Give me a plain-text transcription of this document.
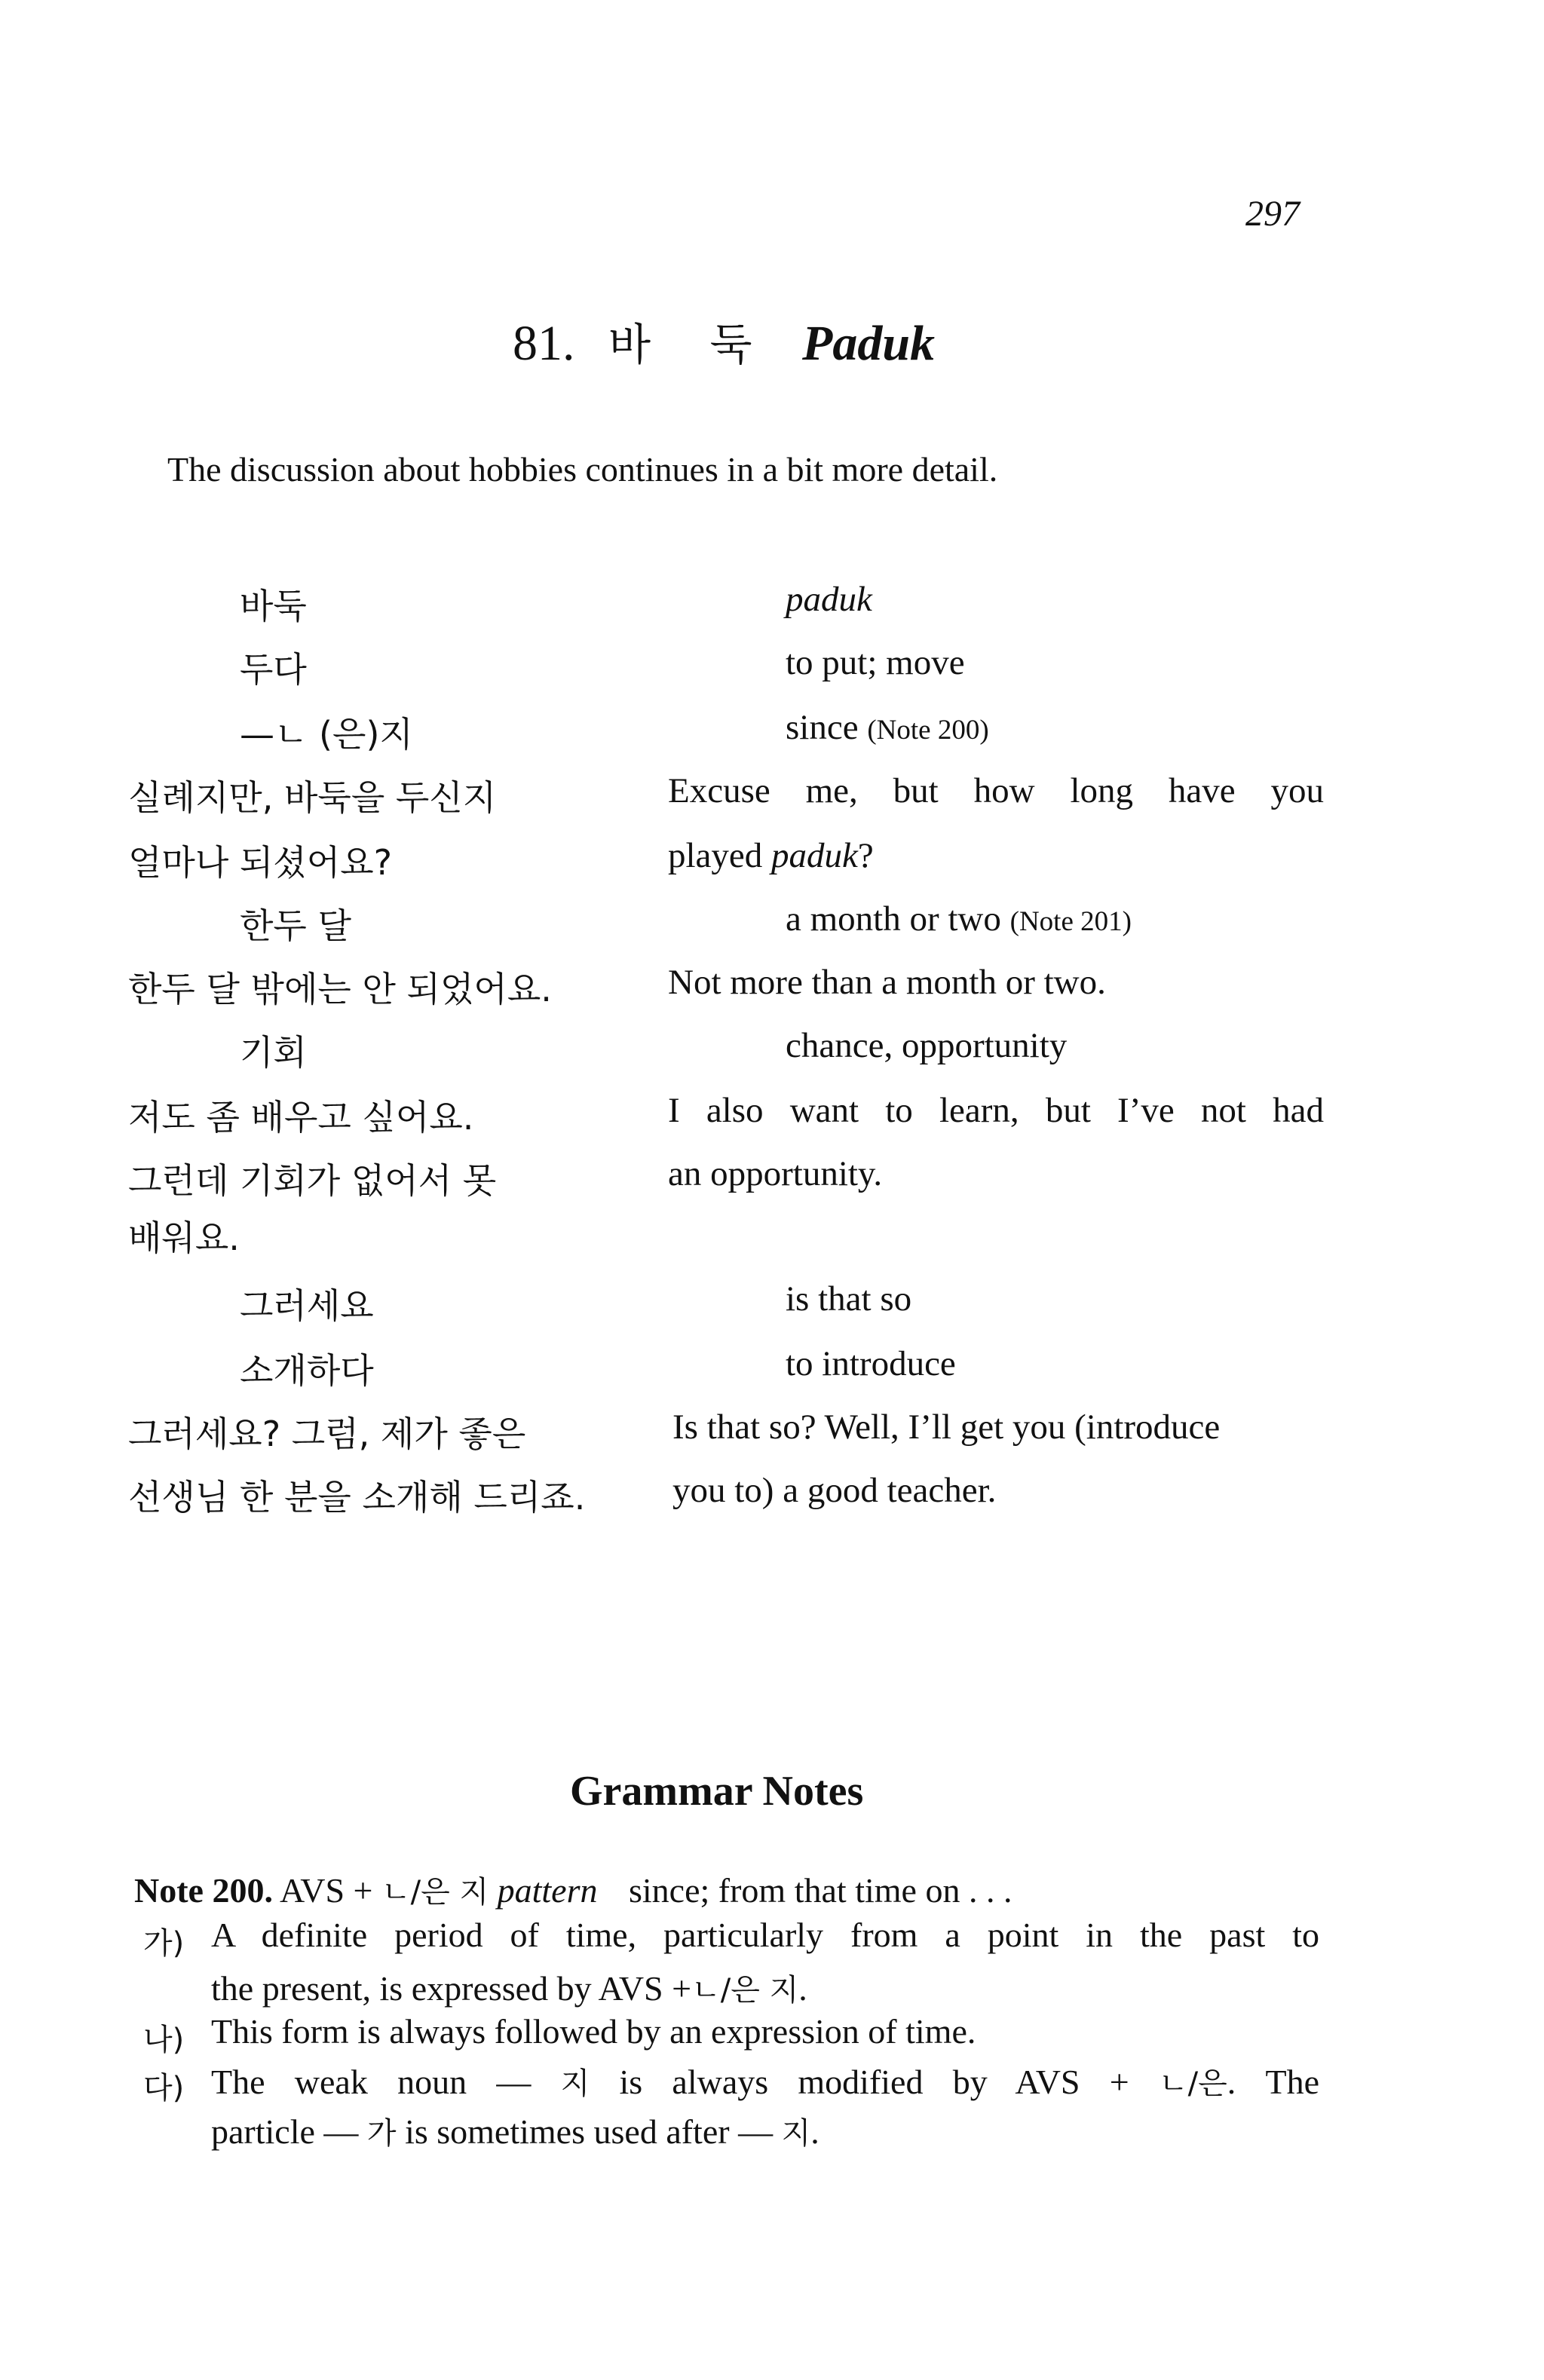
297
81. 바 둑 Paduk
The discussion about hobbies continues in a bit more detail.
바둑	paduk
두다	to put; move
—ㄴ (은)지	since (Note 200)
실례지만, 바둑을 두신지	Excuse me, but how long have you
얼마나 되셨어요?	played paduk?
한두 달	a month or two (Note 201)
한두 달 밖에는 안 되었어요.	Not more than a month or two.
기회	chance, opportunity
저도 좀 배우고 싶어요.	I also want to learn, but I’ve not had
그런데 기회가 없어서 못	an opportunity.
배워요.
그러세요	is that so
소개하다	to introduce
그러세요? 그럼, 제가 좋은	Is that so? Well, I’ll get you (introduce
선생님 한 분을 소개해 드리죠. you to) a good teacher.
Grammar Notes
Note 200. AVS + ㄴ/은 지 pattern since; from that time on . . .
가) A definite period of time, particularly from a point in the past to
the present, is expressed by AVS +ㄴ/은 지.
나) This form is always followed by an expression of time.
다) The weak noun — 지 is always modified by AVS + ㄴ/은. The
particle — 가 is sometimes used after — 지.
